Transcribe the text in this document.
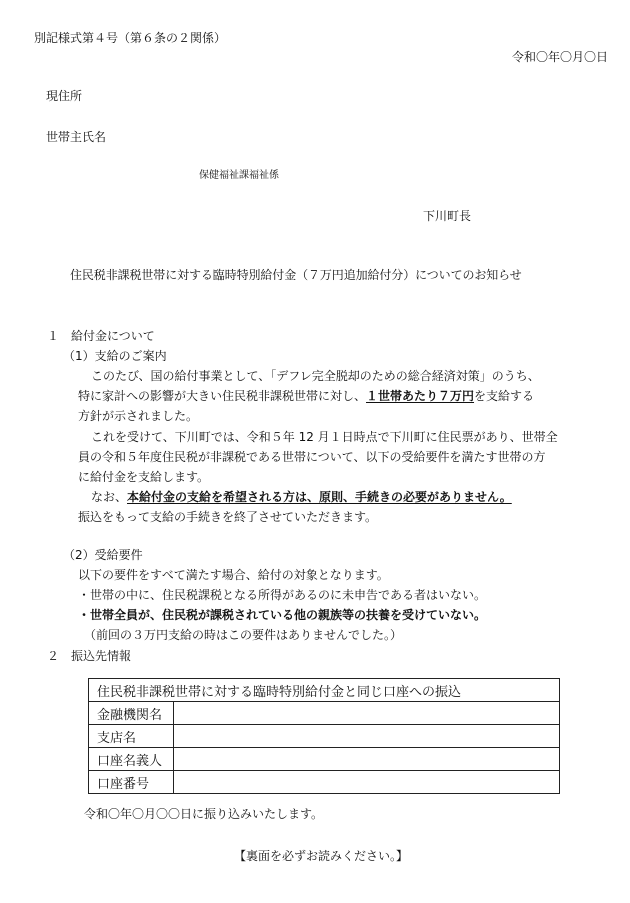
別記様式第４号（第６条の２関係）
令和〇年〇月〇日
現住所
世帯主氏名
保健福祉課福祉係
下川町長
住民税非課税世帯に対する臨時特別給付金（７万円追加給付分）についてのお知らせ
１　給付金について
（1）支給のご案内
このたび、国の給付事業として、「デフレ完全脱却のための総合経済対策」のうち、
特に家計への影響が大きい住民税非課税世帯に対し、１世帯あたり７万円を支給する
方針が示されました。
これを受けて、下川町では、令和５年 12 月１日時点で下川町に住民票があり、世帯全
員の令和５年度住民税が非課税である世帯について、以下の受給要件を満たす世帯の方
に給付金を支給します。
なお、本給付金の支給を希望される方は、原則、手続きの必要がありません。
振込をもって支給の手続きを終了させていただきます。
（2）受給要件
以下の要件をすべて満たす場合、給付の対象となります。
・世帯の中に、住民税課税となる所得があるのに未申告である者はいない。
・世帯全員が、住民税が課税されている他の親族等の扶養を受けていない。
（前回の３万円支給の時はこの要件はありませんでした。）
２　振込先情報
住民税非課税世帯に対する臨時特別給付金と同じ口座への振込	
金融機関名	
支店名	
口座名義人	
口座番号	
令和〇年〇月〇〇日に振り込みいたします。
【裏面を必ずお読みください。】
